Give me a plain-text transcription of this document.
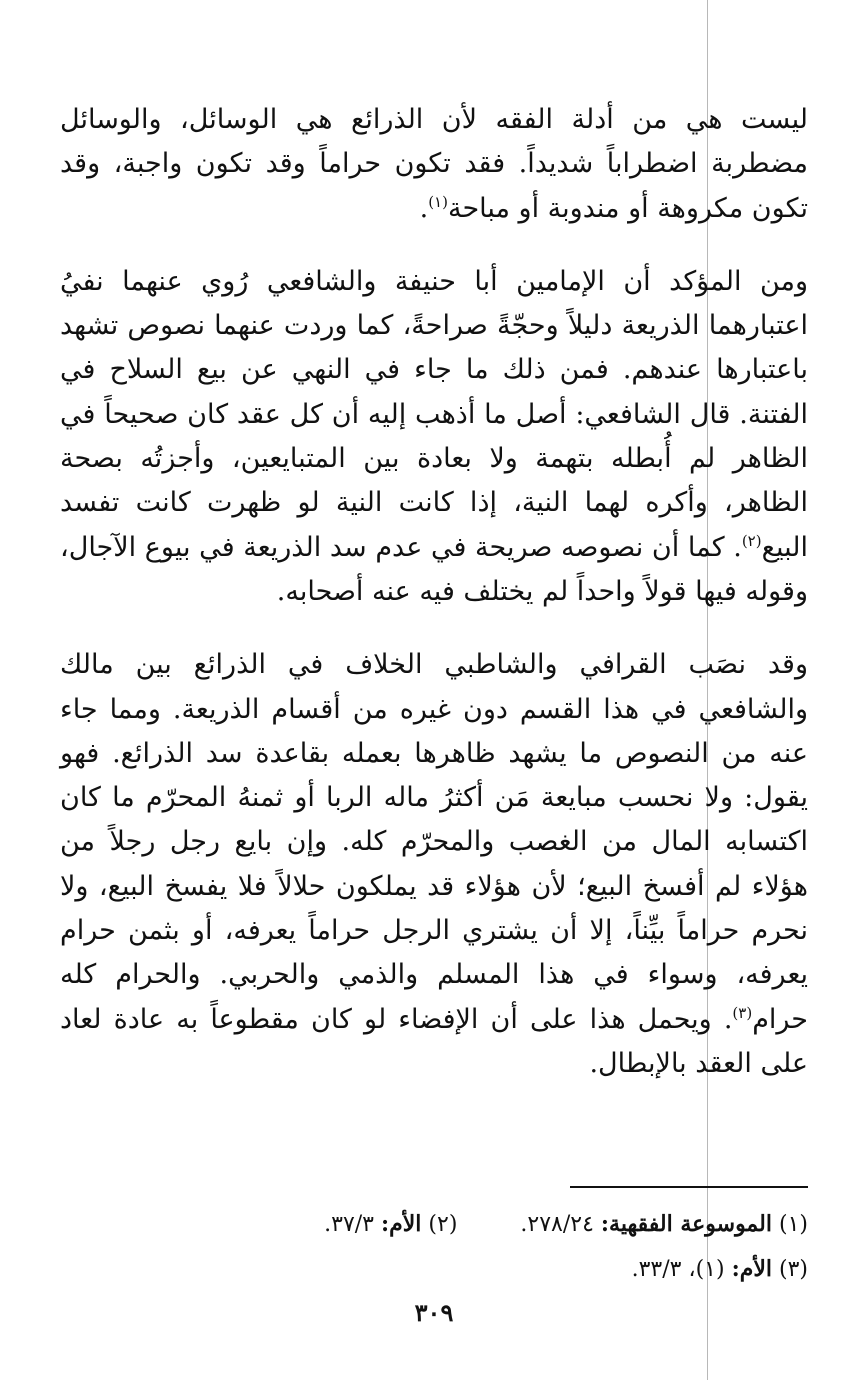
ليست هي من أدلة الفقه لأن الذرائع هي الوسائل، والوسائل مضطربة اضطراباً شديداً. فقد تكون حراماً وقد تكون واجبة، وقد تكون مكروهة أو مندوبة أو مباحة$^{(١)}$.

ومن المؤكد أن الإمامين أبا حنيفة والشافعي رُوي عنهما نفيُ اعتبارهما الذريعة دليلاً وحجّةً صراحةً، كما وردت عنهما نصوص تشهد باعتبارها عندهم. فمن ذلك ما جاء في النهي عن بيع السلاح في الفتنة. قال الشافعي: أصل ما أذهب إليه أن كل عقد كان صحيحاً في الظاهر لم أُبطله بتهمة ولا بعادة بين المتبايعين، وأجزتُه بصحة الظاهر، وأكره لهما النية، إذا كانت النية لو ظهرت كانت تفسد البيع$^{(٢)}$. كما أن نصوصه صريحة في عدم سد الذريعة في بيوع الآجال، وقوله فيها قولاً واحداً لم يختلف فيه عنه أصحابه.

وقد نصَب القرافي والشاطبي الخلاف في الذرائع بين مالك والشافعي في هذا القسم دون غيره من أقسام الذريعة. ومما جاء عنه من النصوص ما يشهد ظاهرها بعمله بقاعدة سد الذرائع. فهو يقول: ولا نحسب مبايعة مَن أكثرُ ماله الربا أو ثمنهُ المحرّم ما كان اكتسابه المال من الغصب والمحرّم كله. وإن بايع رجل رجلاً من هؤلاء لم أفسخ البيع؛ لأن هؤلاء قد يملكون حلالاً فلا يفسخ البيع، ولا نحرم حراماً بيِّناً، إلا أن يشتري الرجل حراماً يعرفه، أو بثمن حرام يعرفه، وسواء في هذا المسلم والذمي والحربي. والحرام كله حرام$^{(٣)}$. ويحمل هذا على أن الإفضاء لو كان مقطوعاً به عادة لعاد على العقد بالإبطال.

(١) الموسوعة الفقهية: ٢٧٨/٢٤. (٢) الأم: ٣٧/٣.
(٣) الأم: (١)، ٣٣/٣.
٣٠٩
